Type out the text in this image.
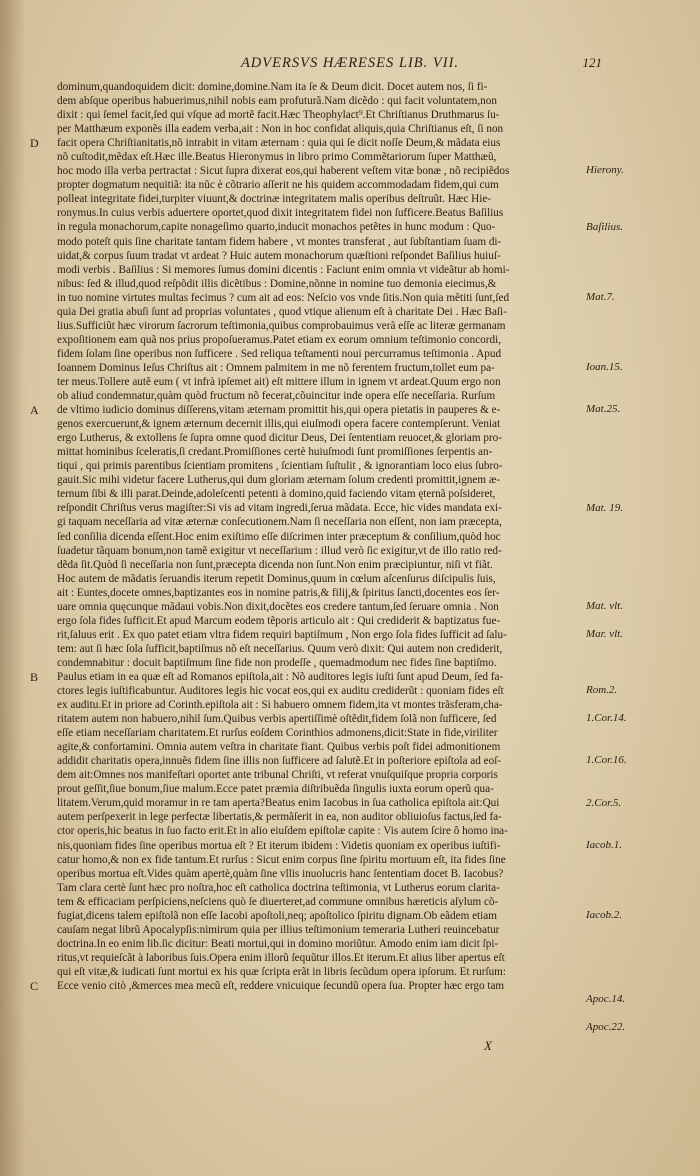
ADVERSVS HÆRESES LIB. VII.	121
D
A
B
C
dominum,quandoquidem dicit: domine,domine.Nam ita ſe & Deum dicit. Docet autem nos, ſi fi-
dem abſque operibus habuerimus,nihil nobis eam profuturã.Nam dicẽdo : qui facit voluntatem,non
dixit : qui ſemel facit,ſed qui vſque ad mortẽ facit.Hæc Theophylact⁹.Et Chriſtianus Druthmarus ſu-
per Matthæum exponẽs illa eadem verba,ait : Non in hoc confidat aliquis,quia Chriſtianus eſt, ſi non
facit opera Chriſtianitatis,nõ intrabit in vitam æternam : quia qui ſe dicit noſſe Deum,& mãdata eius
nõ cuſtodit,mẽdax eſt.Hæc ille.Beatus Hieronymus in libro primo Commẽtariorum ſuper Matthæũ,
hoc modo illa verba pertractat : Sicut ſupra dixerat eos,qui haberent veſtem vitæ bonæ , nõ recipiẽdos
propter dogmatum nequitiã: ita nũc è cõtrario aſſerit ne his quidem accommodadam fidem,qui cum
polleat integritate fidei,turpiter viuunt,& doctrinæ integritatem malis operibus deſtruũt. Hæc Hie-
ronymus.In cuius verbis aduertere oportet,quod dixit integritatem fidei non ſufficere.Beatus Baſilius
in regula monachorum,capite nonageſimo quarto,inducit monachos petẽtes in hunc modum : Quo-
modo poteſt quis ſine charitate tantam fidem habere , vt montes transferat , aut ſubſtantiam ſuam di-
uidat,& corpus ſuum tradat vt ardeat ? Huic autem monachorum quæſtioni reſpondet Baſilius huiuſ-
modi verbis . Baſilius : Si memores ſumus domini dicentis : Faciunt enim omnia vt videãtur ab homi-
nibus: ſed & illud,quod reſpõdit illis dicẽtibus : Domine,nõnne in nomine tuo demonia eiecimus,&
in tuo nomine virtutes multas fecimus ? cum ait ad eos: Neſcio vos vnde ſitis.Non quia mẽtiti ſunt,ſed
quia Dei gratia abuſi ſunt ad proprias voluntates , quod vtique alienum eſt à charitate Dei . Hæc Baſi-
lius.Sufficiũt hæc virorum ſacrorum teſtimonia,quibus comprobauimus verã eſſe ac literæ germanam
expoſitionem eam quã nos prius propoſueramus.Patet etiam ex eorum omnium teſtimonio concordi,
fidem ſolam ſine operibus non ſufficere . Sed reliqua teſtamenti noui percurramus teſtimonia . Apud
Ioannem Dominus Ieſus Chriſtus ait : Omnem palmitem in me nõ ferentem fructum,tollet eum pa-
ter meus.Tollere autẽ eum ( vt infrà ipſemet ait) eſt mittere illum in ignem vt ardeat.Quum ergo non
ob aliud condemnatur,quàm quòd fructum nõ fecerat,cõuincitur inde opera eſſe neceſſaria. Rurſum
de vltimo iudicio dominus diſſerens,vitam æternam promittit his,qui opera pietatis in pauperes & e-
genos exercuerunt,& ignem æternum decernit illis,qui eiuſmodi opera facere contempſerunt. Veniat
ergo Lutherus, & extollens ſe ſupra omne quod dicitur Deus, Dei ſententiam reuocet,& gloriam pro-
mittat hominibus ſceleratis,ſi credant.Promiſſiones certè huiuſmodi ſunt promiſſiones ſerpentis an-
tiqui , qui primis parentibus ſcientiam promitens , ſcientiam ſuſtulit , & ignorantiam loco eius ſubro-
gauit.Sic mihi videtur facere Lutherus,qui dum gloriam æternam ſolum credenti promittit,ignem æ-
ternum ſibi & illi parat.Deinde,adoleſcenti petenti à domino,quid faciendo vitam ęternã poſsideret,
reſpondit Chriſtus verus magiſter:Si vis ad vitam ingredi,ſerua mãdata. Ecce, hic vides mandata exi-
gi taquam neceſſaria ad vitæ æternæ conſecutionem.Nam ſi neceſſaria non eſſent, non iam præcepta,
ſed conſilia dicenda eſſent.Hoc enim exiſtimo eſſe diſcrimen inter præceptum & conſilium,quòd hoc
ſuadetur tãquam bonum,non tamẽ exigitur vt neceſſarium : illud verò ſic exigitur,vt de illo ratio red-
dẽda ſit.Quòd ſi neceſſaria non ſunt,præcepta dicenda non ſunt.Non enim præcipiuntur, niſi vt fiãt.
Hoc autem de mãdatis ſeruandis iterum repetit Dominus,quum in cœlum aſcenſurus diſcipulis ſuis,
ait : Euntes,docete omnes,baptizantes eos in nomine patris,& filij,& ſpiritus ſancti,docentes eos ſer-
uare omnia quęcunque mãdaui vobis.Non dixit,docẽtes eos credere tantum,ſed ſeruare omnia . Non
ergo ſola fides ſufficit.Et apud Marcum eodem tẽporis articulo ait : Qui crediderit & baptizatus fue-
rit,ſaluus erit . Ex quo patet etiam vltra fidem requiri baptiſmum , Non ergo ſola fides ſufficit ad ſalu-
tem: aut ſi hæc ſola ſufficit,baptiſmus nõ eſt neceſſarius. Quum verò dixit: Qui autem non crediderit,
condemnabitur : docuit baptiſmum ſine fide non prodeſſe , quemadmodum nec fides ſine baptiſmo.
Paulus etiam in ea quæ eſt ad Romanos epiſtola,ait : Nõ auditores legis iuſti ſunt apud Deum, ſed fa-
ctores legis iuſtificabuntur. Auditores legis hic vocat eos,qui ex auditu crediderũt : quoniam fides eſt
ex auditu.Et in priore ad Corinth.epiſtola ait : Si habuero omnem fidem,ita vt montes trãsferam,cha-
ritatem autem non habuero,nihil ſum.Quibus verbis apertiſſimè oſtẽdit,fidem ſolã non ſufficere, ſed
eſſe etiam neceſſariam charitatem.Et rurſus eoſdem Corinthios admonens,dicit:State in fide,viriliter
agite,& confortamini. Omnia autem veſtra in charitate fiant. Quibus verbis poſt fidei admonitionem
addidit charitatis opera,innuẽs fidem ſine illis non ſufficere ad ſalutẽ.Et in poſteriore epiſtola ad eoſ-
dem ait:Omnes nos manifeſtari oportet ante tribunal Chriſti, vt referat vnuſquiſque propria corporis
prout geſſit,ſiue bonum,ſiue malum.Ecce patet præmia diſtribuẽda ſingulis iuxta eorum operũ qua-
litatem.Verum,quid moramur in re tam aperta?Beatus enim Iacobus in ſua catholica epiſtola ait:Qui
autem perſpexerit in lege perfectæ libertatis,& permãſerit in ea, non auditor obliuioſus factus,ſed fa-
ctor operis,hic beatus in ſuo facto erit.Et in alio eiuſdem epiſtolæ capite : Vis autem ſcire ô homo ina-
nis,quoniam fides ſine operibus mortua eſt ? Et iterum ibidem : Videtis quoniam ex operibus iuſtifi-
catur homo,& non ex fide tantum.Et rurſus : Sicut enim corpus ſine ſpiritu mortuum eſt, ita fides ſine
operibus mortua eſt.Vides quàm apertè,quàm ſine vllis inuolucris hanc ſententiam docet B. Iacobus?
Tam clara certè ſunt hæc pro noſtra,hoc eſt catholica doctrina teſtimonia, vt Lutherus eorum clarita-
tem & efficaciam perſpiciens,neſciens quò ſe diuerteret,ad commune omnibus hæreticis aſylum cõ-
fugiat,dicens talem epiſtolã non eſſe Iacobi apoſtoli,neq; apoſtolico ſpiritu dignam.Ob eãdem etiam
cauſam negat librũ Apocalypſis:nimirum quia per illius teſtimonium temeraria Lutheri reuincebatur
doctrina.In eo enim lib.ſic dicitur: Beati mortui,qui in domino moriũtur. Amodo enim iam dicit ſpi-
ritus,vt requieſcãt à laboribus ſuis.Opera enim illorũ ſequũtur illos.Et iterum.Et alius liber apertus eſt
qui eſt vitæ,& iudicati ſunt mortui ex his quæ ſcripta erãt in libris ſecũdum opera ipſorum. Et rurſum:
Ecce venio citò ,&merces mea mecũ eſt, reddere vnicuique ſecundũ opera ſua. Propter hæc ergo tam
Hierony.
Baſilius.
Mat.7.
Ioan.15.
Mat.25.
Mat. 19.
Mat. vlt.
Mar. vlt.
Rom.2.
1.Cor.14.
1.Cor.16.
2.Cor.5.
Iacob.1.
Iacob.2.
Apoc.14.
Apoc.22.
X
